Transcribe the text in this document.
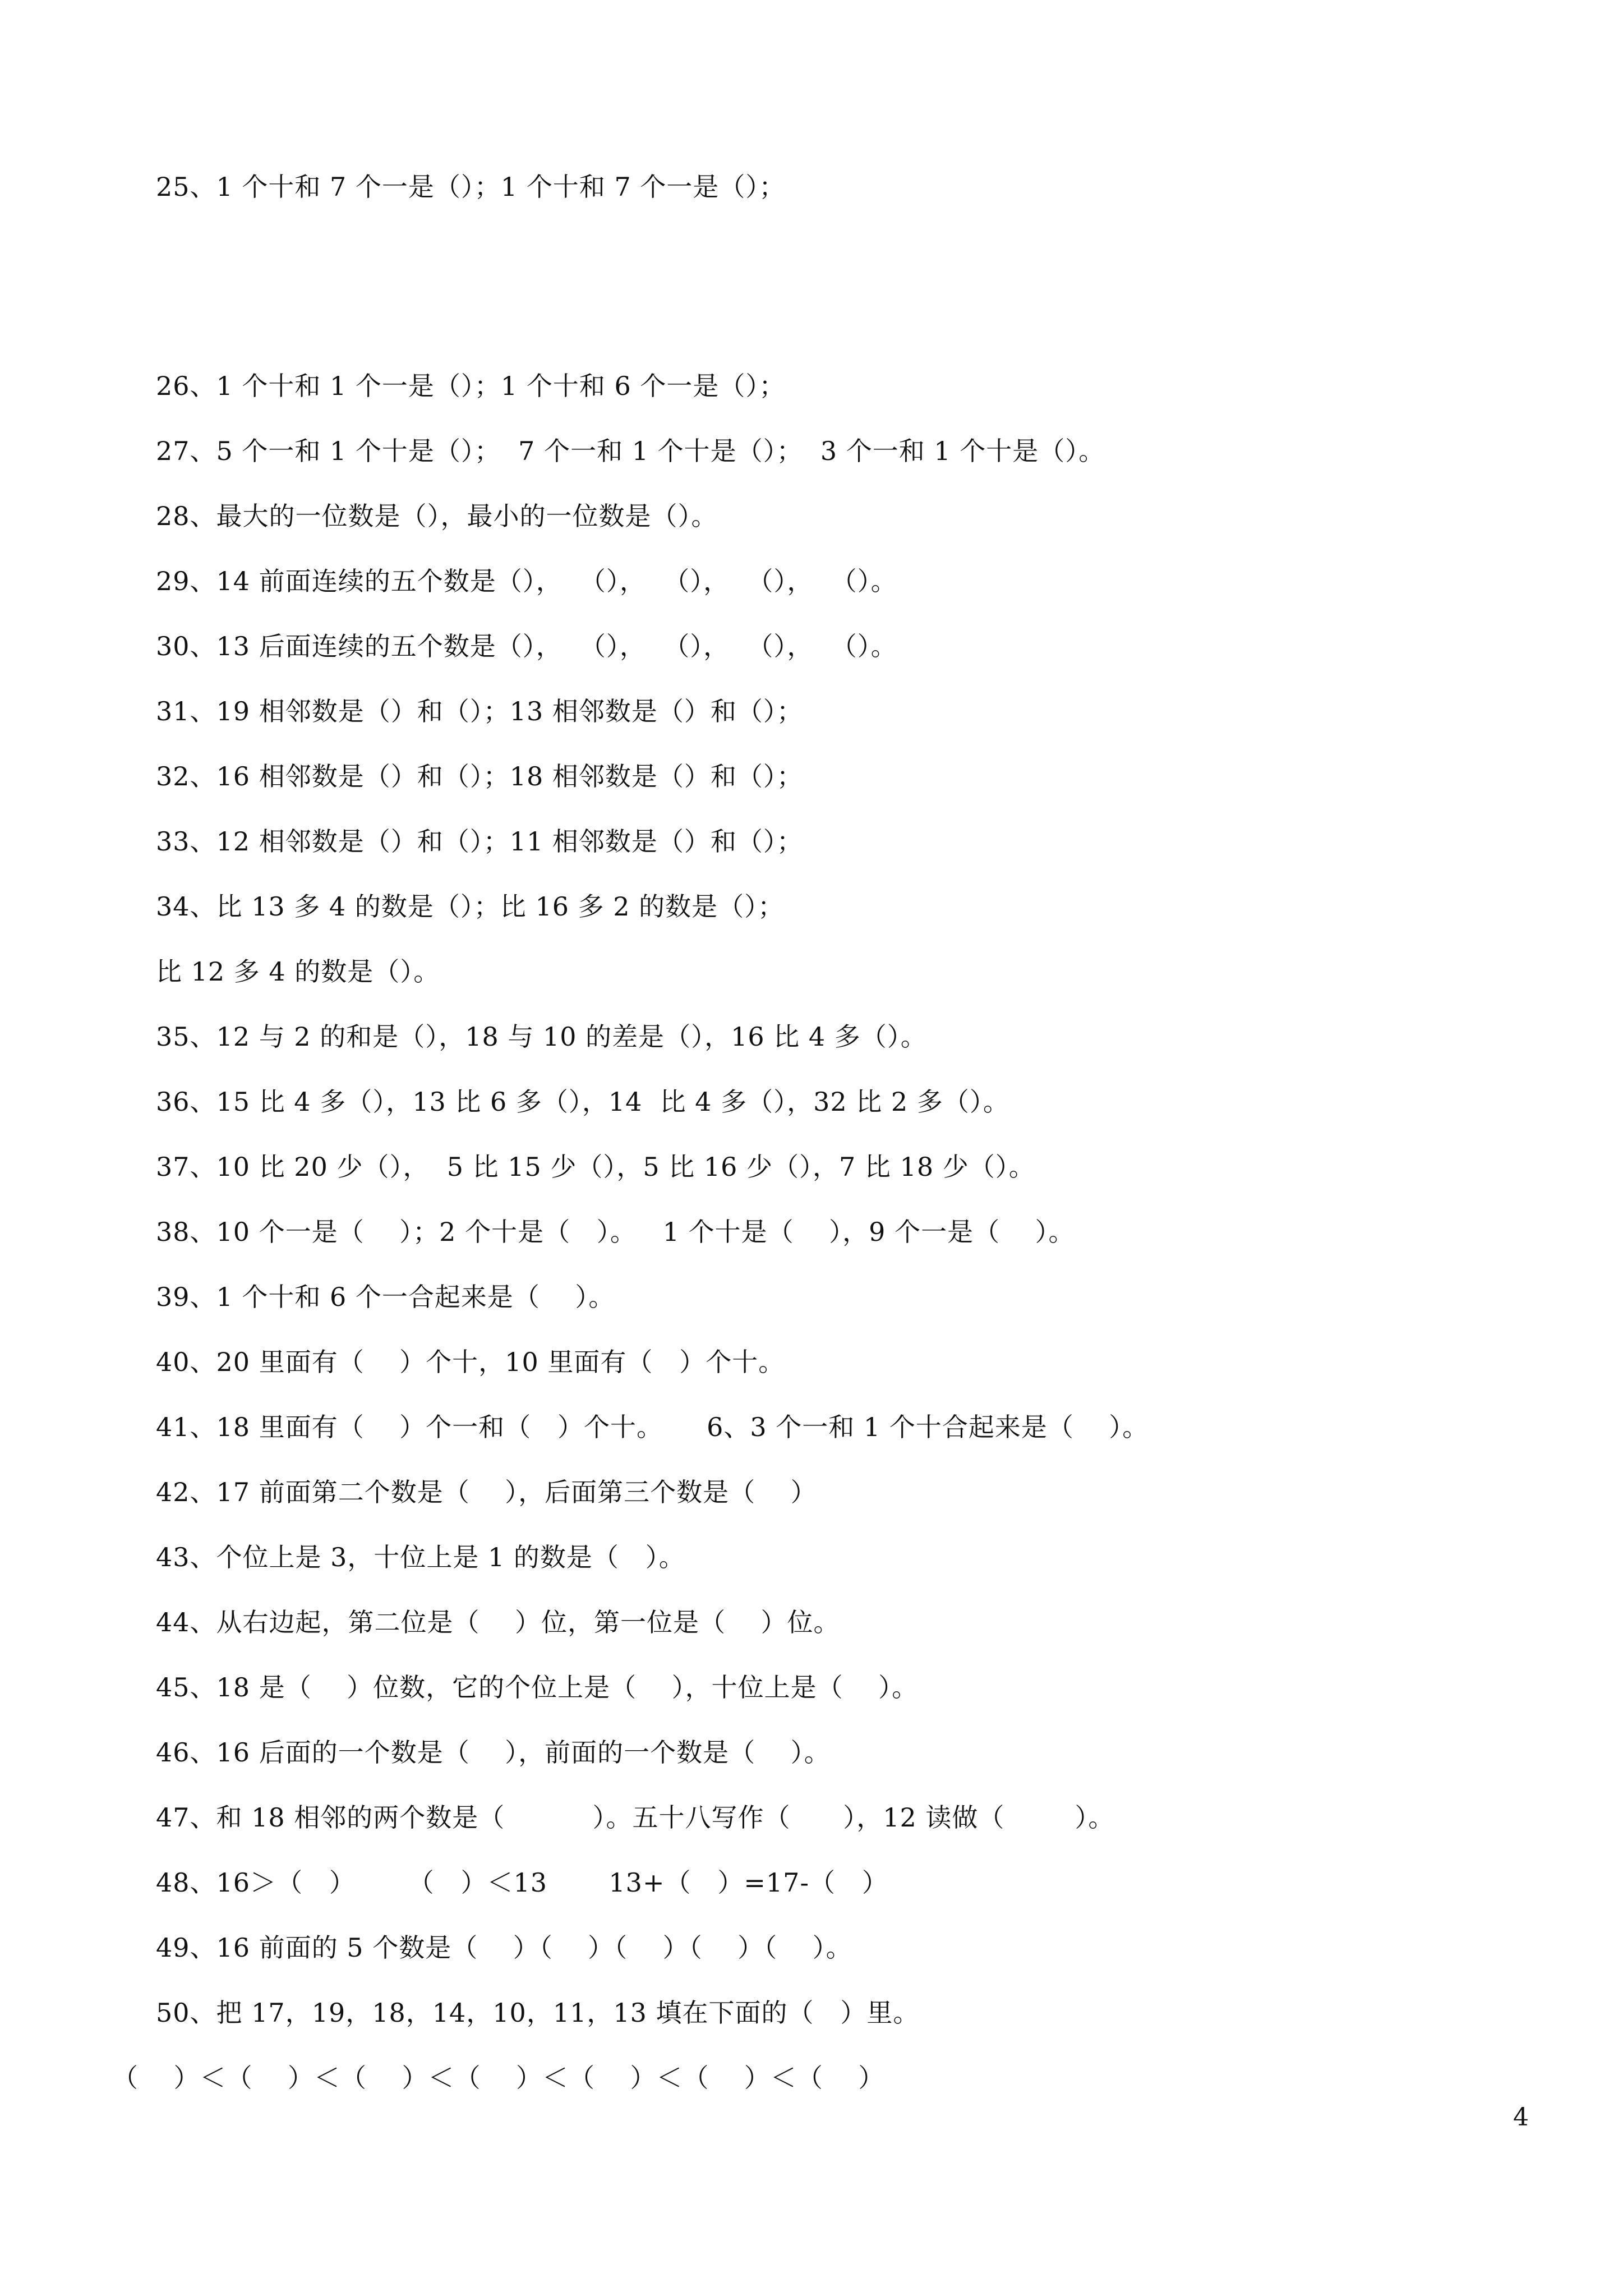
25、1 个十和 7 个一是（）；1 个十和 7 个一是（）；
26、1 个十和 1 个一是（）；1 个十和 6 个一是（）；
27、5 个一和 1 个十是（）；  7 个一和 1 个十是（）；  3 个一和 1 个十是（）。
28、最大的一位数是（），最小的一位数是（）。
29、14 前面连续的五个数是（），  （），  （），  （），  （）。
30、13 后面连续的五个数是（），  （），  （），  （），  （）。
31、19 相邻数是（）和（）；13 相邻数是（）和（）；
32、16 相邻数是（）和（）；18 相邻数是（）和（）；
33、12 相邻数是（）和（）；11 相邻数是（）和（）；
34、比 13 多 4 的数是（）；比 16 多 2 的数是（）；
比 12 多 4 的数是（）。
35、12 与 2 的和是（），18 与 10 的差是（），16 比 4 多（）。
36、15 比 4 多（），13 比 6 多（），14  比 4 多（），32 比 2 多（）。
37、10 比 20 少（），  5 比 15 少（），5 比 16 少（），7 比 18 少（）。
38、10 个一是（    ）；2 个十是（   ）。   1 个十是（    ），9 个一是（    ）。
39、1 个十和 6 个一合起来是（    ）。
40、20 里面有（    ）个十，10 里面有（   ）个十。
41、18 里面有（    ）个一和（   ）个十。     6、3 个一和 1 个十合起来是（    ）。
42、17 前面第二个数是（    ），后面第三个数是（    ）
43、个位上是 3，十位上是 1 的数是（   ）。
44、从右边起，第二位是（    ）位，第一位是（    ）位。
45、18 是（    ）位数，它的个位上是（    ），十位上是（    ）。
46、16 后面的一个数是（    ），前面的一个数是（    ）。
47、和 18 相邻的两个数是（          ）。五十八写作（      ），12 读做（        ）。
48、16＞（   ）      （   ）＜13       13+（   ）=17-（   ）
49、16 前面的 5 个数是（    ）（    ）（    ）（    ）（    ）。
50、把 17，19，18，14，10，11，13 填在下面的（   ）里。
（    ）＜（    ）＜（    ）＜（    ）＜（    ）＜（    ）＜（    ）
4
